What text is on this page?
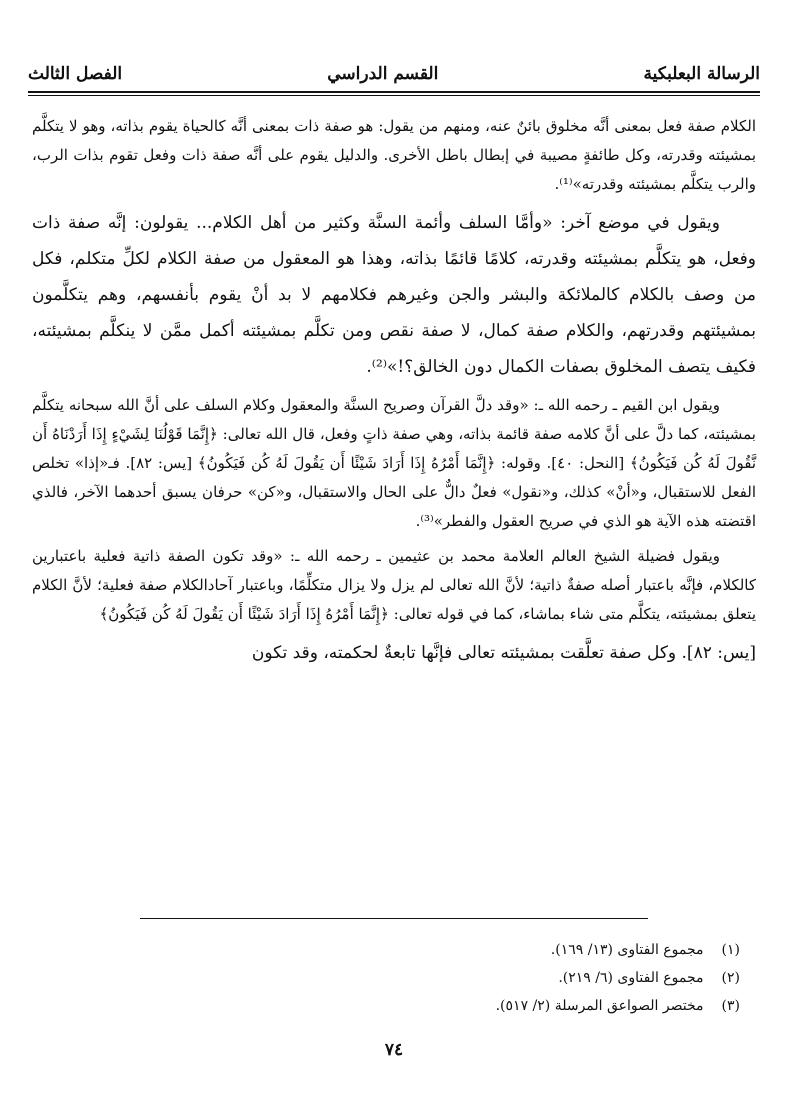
الرسالة البعلبكية
القسم الدراسي
الفصل الثالث

الكلام صفة فعل بمعنى أنَّه مخلوق بائنٌ عنه، ومنهم من يقول: هو صفة ذات بمعنى أنَّه كالحياة يقوم بذاته، وهو لا يتكلَّم بمشيئته وقدرته، وكل طائفةٍ مصيبة في إبطال باطل الأخرى. والدليل يقوم على أنَّه صفة ذات وفعل تقوم بذات الرب، والرب يتكلَّم بمشيئته وقدرته»⁽¹⁾.

ويقول في موضع آخر: «وأمَّا السلف وأئمة السنَّة وكثير من أهل الكلام... يقولون: إنَّه صفة ذات وفعل، هو يتكلَّم بمشيئته وقدرته، كلامًا قائمًا بذاته، وهذا هو المعقول من صفة الكلام لكلِّ متكلم، فكل من وصف بالكلام كالملائكة والبشر والجن وغيرهم فكلامهم لا بد أنْ يقوم بأنفسهم، وهم يتكلَّمون بمشيئتهم وقدرتهم، والكلام صفة كمال، لا صفة نقص ومن تكلَّم بمشيئته أكمل ممَّن لا ينكلَّم بمشيئته، فكيف يتصف المخلوق بصفات الكمال دون الخالق؟!»⁽²⁾.

ويقول ابن القيم ـ رحمه الله ـ: «وقد دلَّ القرآن وصريح السنَّة والمعقول وكلام السلف على أنَّ الله سبحانه يتكلَّم بمشيئته، كما دلَّ على أنَّ كلامه صفة قائمة بذاته، وهي صفة ذاتٍ وفعل، قال الله تعالى: ﴿إِنَّمَا قَوْلُنَا لِشَيْءٍ إِذَا أَرَدْنَاهُ أَن نَّقُولَ لَهُ كُن فَيَكُونُ﴾ [النحل: ٤٠]. وقوله: ﴿إِنَّمَا أَمْرُهُ إِذَا أَرَادَ شَيْئًا أَن يَقُولَ لَهُ كُن فَيَكُونُ﴾ [يس: ٨٢]. فـ«إذا» تخلص الفعل للاستقبال، و«أنْ» كذلك، و«نقول» فعلٌ دالٌّ على الحال والاستقبال، و«كن» حرفان يسبق أحدهما الآخر، فالذي اقتضته هذه الآية هو الذي في صريح العقول والفطر»⁽³⁾.

ويقول فضيلة الشيخ العالم العلامة محمد بن عثيمين ـ رحمه الله ـ: «وقد تكون الصفة ذاتية فعلية باعتبارين كالكلام، فإنَّه باعتبار أصله صفةٌ ذاتية؛ لأنَّ الله تعالى لم يزل ولا يزال متكلِّمًا، وباعتبار آحادالكلام صفة فعلية؛ لأنَّ الكلام يتعلق بمشيئته، يتكلَّم متى شاء بماشاء، كما في قوله تعالى: ﴿إِنَّمَا أَمْرُهُ إِذَا أَرَادَ شَيْئًا أَن يَقُولَ لَهُ كُن فَيَكُونُ﴾

[يس: ٨٢]. وكل صفة تعلَّقت بمشيئته تعالى فإنَّها تابعةٌ لحكمته، وقد تكون

(١)
مجموع الفتاوى (١٣/ ١٦٩).
(٢)
مجموع الفتاوى (٦/ ٢١٩).
(٣)
مختصر الصواعق المرسلة (٢/ ٥١٧).
٧٤
